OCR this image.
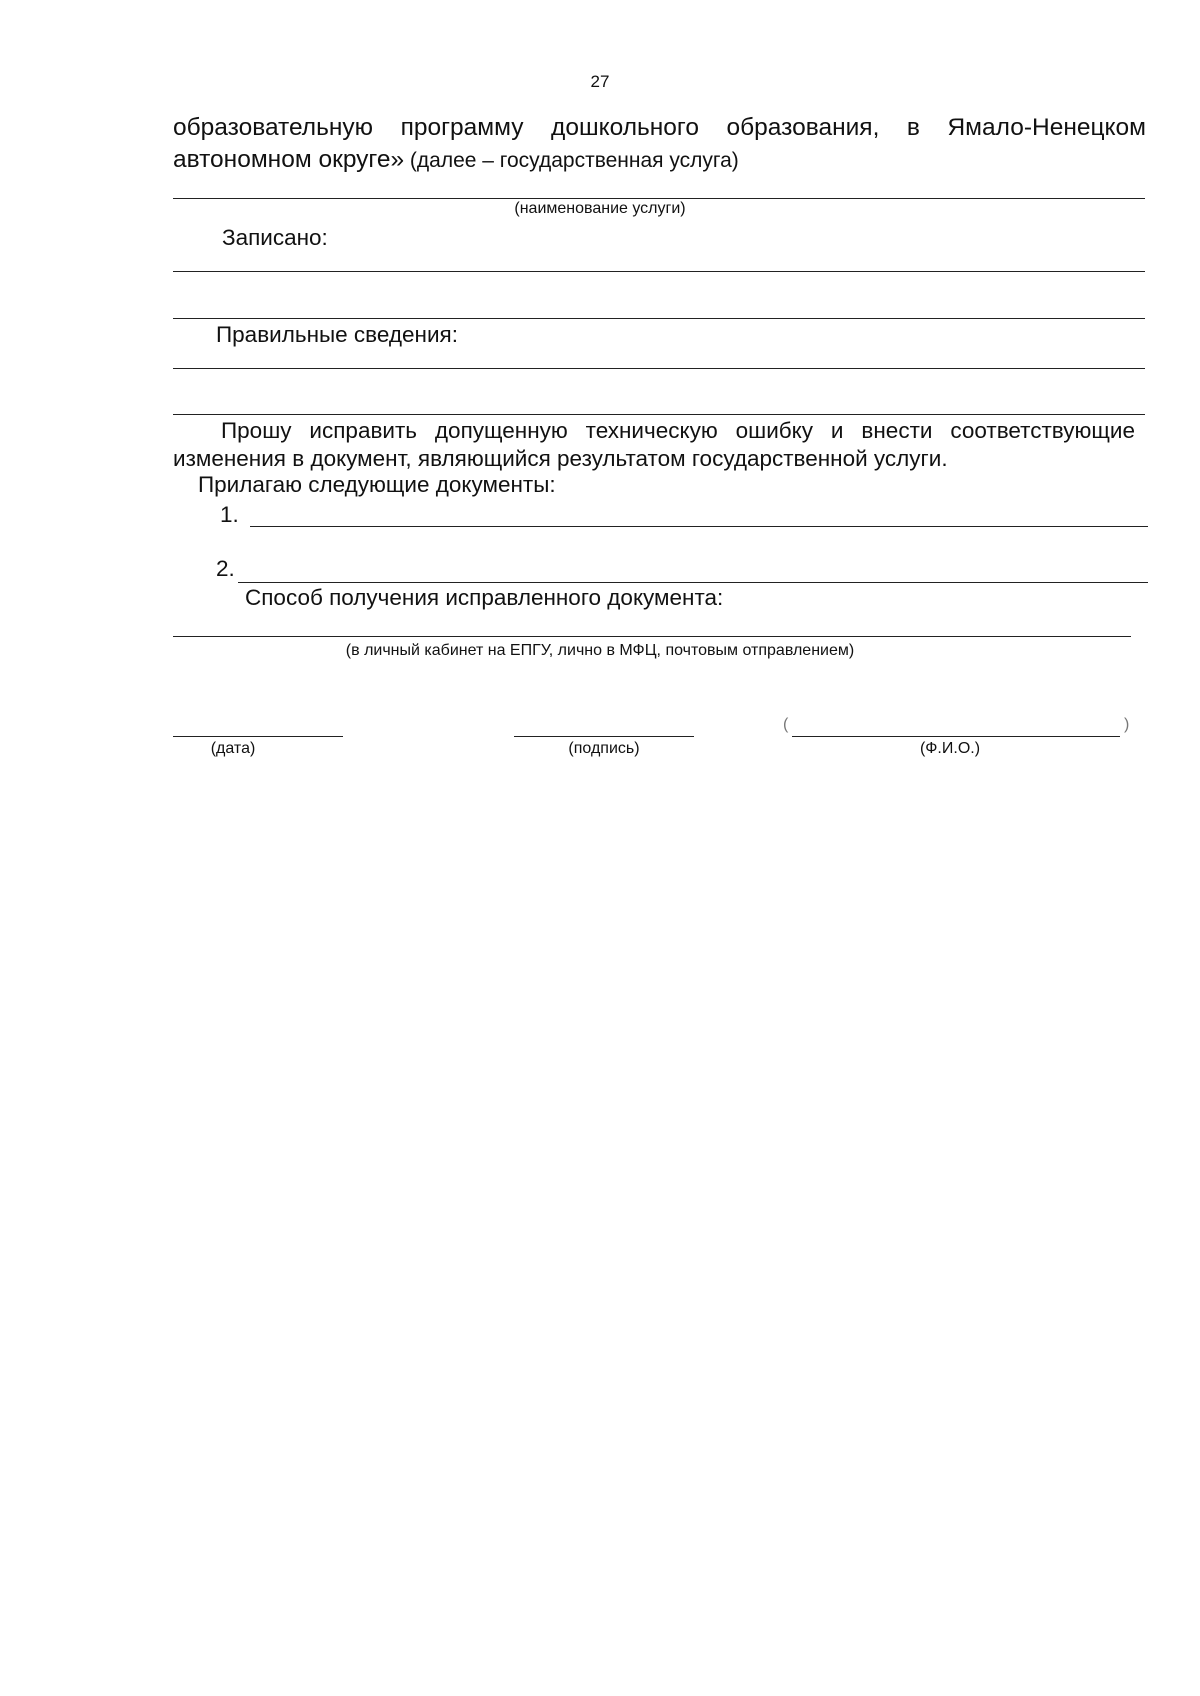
27
образовательную программу дошкольного образования, в Ямало-Ненецком
автономном округе» (далее – государственная услуга)
(наименование услуги)
Записано:
Правильные сведения:
Прошу исправить допущенную техническую ошибку и внести соответствующие
изменения в документ, являющийся результатом государственной услуги.
Прилагаю следующие документы:
1.
2.
Способ получения исправленного документа:
(в личный кабинет на ЕПГУ, лично в МФЦ, почтовым отправлением)
(дата)	(подпись)
(	)
(Ф.И.О.)
